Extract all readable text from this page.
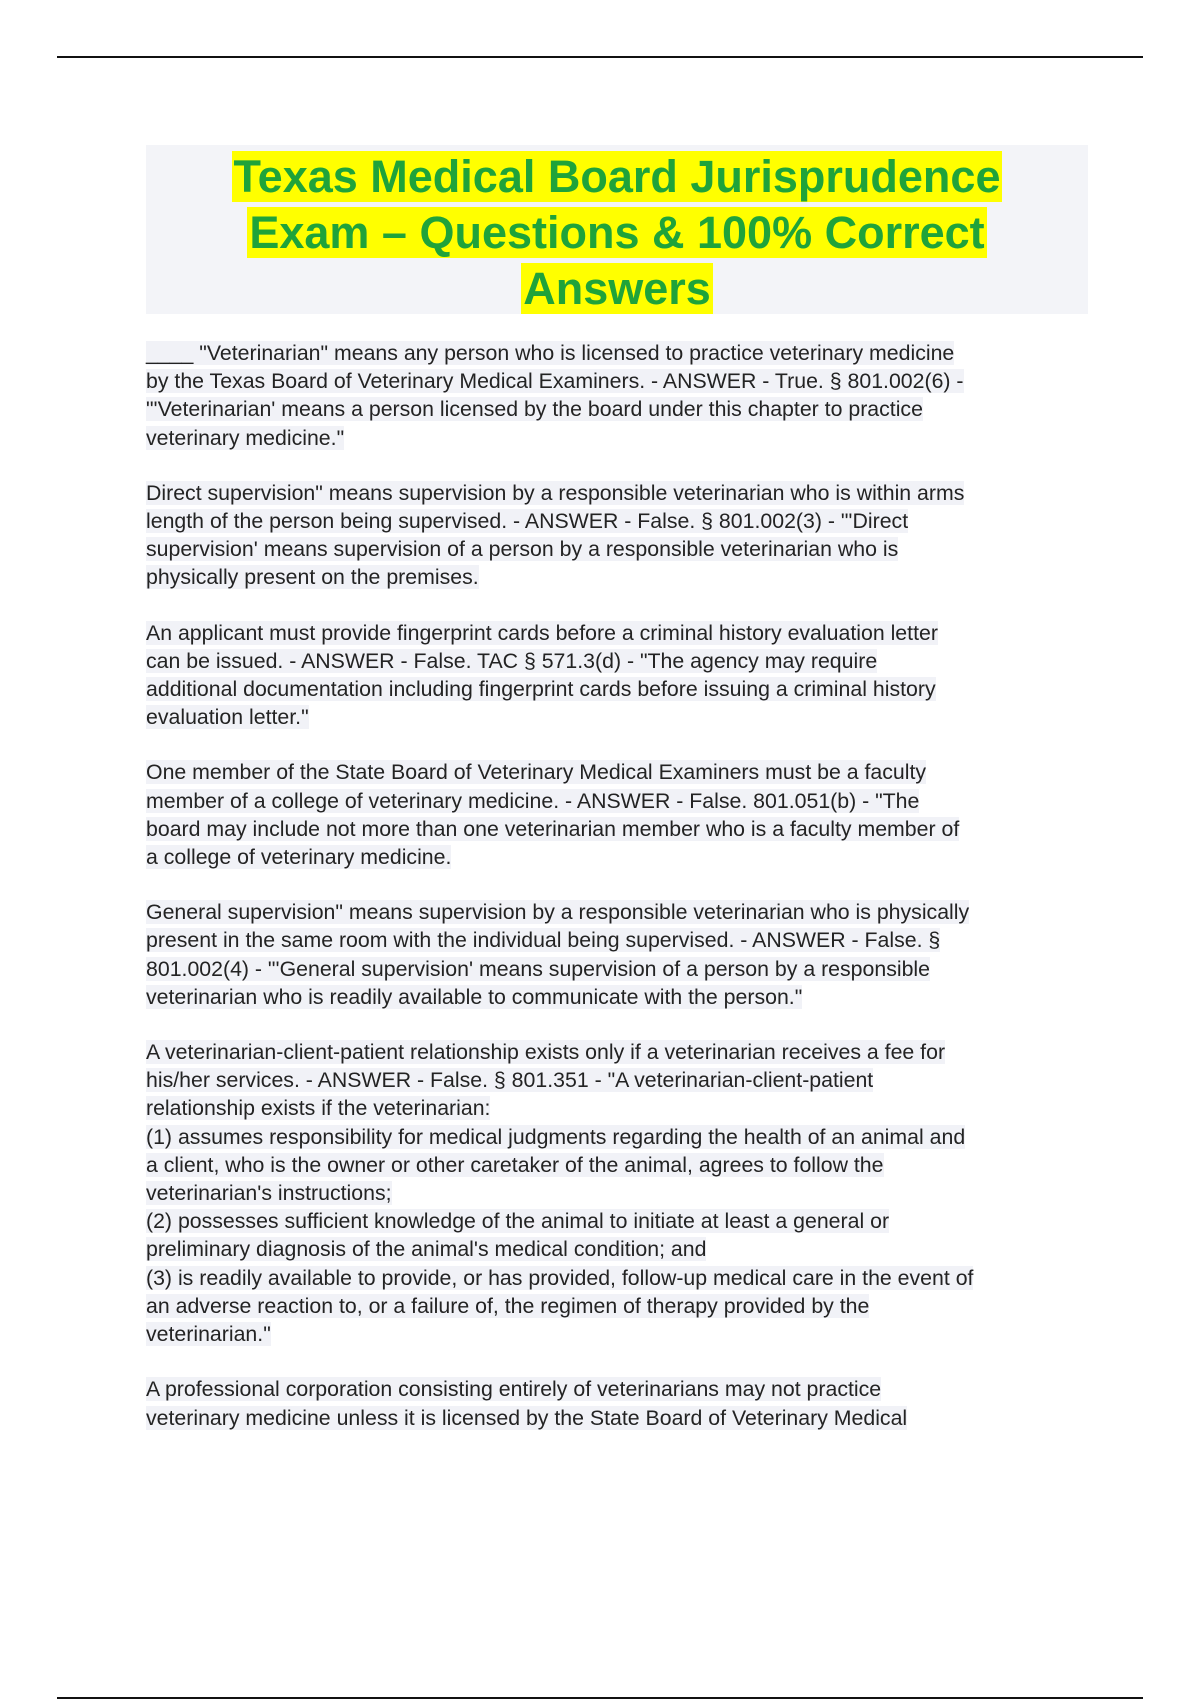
Texas Medical Board Jurisprudence
Exam – Questions & 100% Correct
Answers
____ "Veterinarian" means any person who is licensed to practice veterinary medicine
by the Texas Board of Veterinary Medical Examiners. - ANSWER - True. § 801.002(6) -
"'Veterinarian' means a person licensed by the board under this chapter to practice
veterinary medicine."
Direct supervision" means supervision by a responsible veterinarian who is within arms
length of the person being supervised. - ANSWER - False. § 801.002(3) - "'Direct
supervision' means supervision of a person by a responsible veterinarian who is
physically present on the premises.
An applicant must provide fingerprint cards before a criminal history evaluation letter
can be issued. - ANSWER - False. TAC § 571.3(d) - "The agency may require
additional documentation including fingerprint cards before issuing a criminal history
evaluation letter."
One member of the State Board of Veterinary Medical Examiners must be a faculty
member of a college of veterinary medicine. - ANSWER - False. 801.051(b) - "The
board may include not more than one veterinarian member who is a faculty member of
a college of veterinary medicine.
General supervision" means supervision by a responsible veterinarian who is physically
present in the same room with the individual being supervised. - ANSWER - False. §
801.002(4) - "'General supervision' means supervision of a person by a responsible
veterinarian who is readily available to communicate with the person."
A veterinarian-client-patient relationship exists only if a veterinarian receives a fee for
his/her services. - ANSWER - False. § 801.351 - "A veterinarian-client-patient
relationship exists if the veterinarian:
(1) assumes responsibility for medical judgments regarding the health of an animal and
a client, who is the owner or other caretaker of the animal, agrees to follow the
veterinarian's instructions;
(2) possesses sufficient knowledge of the animal to initiate at least a general or
preliminary diagnosis of the animal's medical condition; and
(3) is readily available to provide, or has provided, follow-up medical care in the event of
an adverse reaction to, or a failure of, the regimen of therapy provided by the
veterinarian."
A professional corporation consisting entirely of veterinarians may not practice
veterinary medicine unless it is licensed by the State Board of Veterinary Medical
